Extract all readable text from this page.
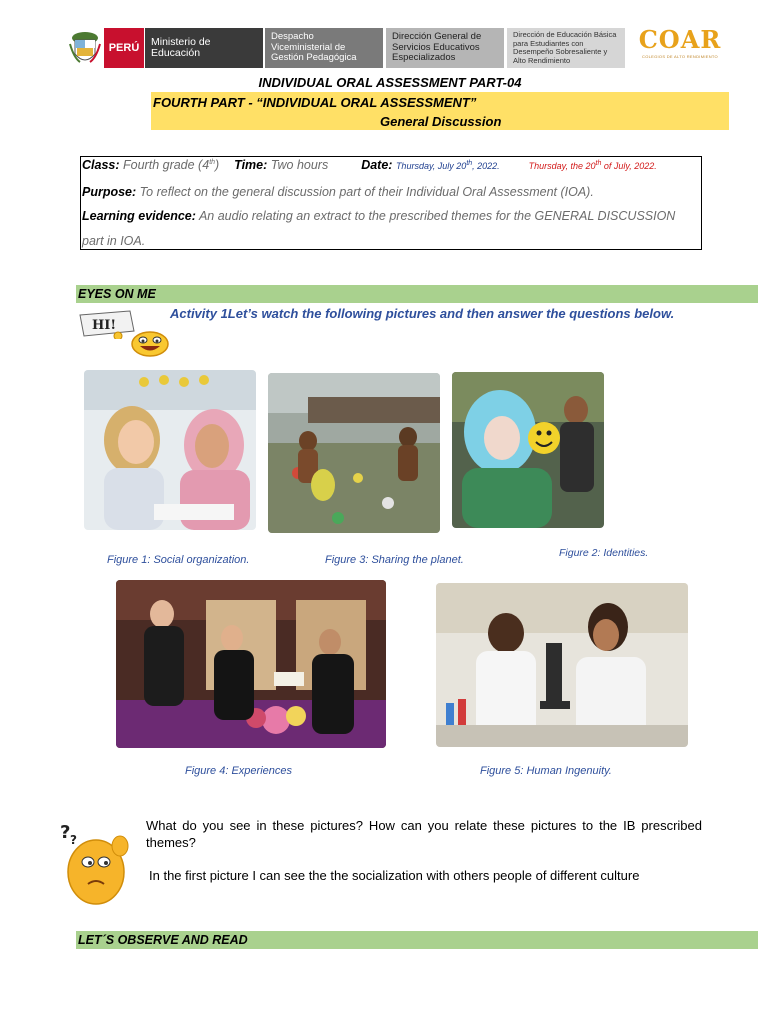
PERÚ	Ministerio de Educación
Despacho Viceministerial de Gestión Pedagógica
Dirección General de Servicios Educativos Especializados
Dirección de Educación Básica para Estudiantes con Desempeño Sobresaliente y Alto Rendimiento
COAR
COLEGIOS DE ALTO RENDIMIENTO
INDIVIDUAL ORAL ASSESSMENT PART-04
FOURTH PART - “INDIVIDUAL ORAL ASSESSMENT”
General Discussion
Class: Fourth grade (4th) Time: Two hours	Date: Thursday, July 20th, 2022.	Thursday, the 20th of July, 2022.
Purpose: To reflect on the general discussion part of their Individual Oral Assessment (IOA).
Learning evidence: An audio relating an extract to the prescribed themes for the GENERAL DISCUSSION
part in IOA.
EYES ON ME
HI!
Activity 1Let’s watch the following pictures and then answer the questions below.
Figure 1: Social organization.	Figure 3: Sharing the planet.
Figure 2: Identities.
Figure 4: Experiences	Figure 5: Human Ingenuity.
? ?
What do you see in these pictures? How can you relate these pictures to the IB prescribed themes?
In the first picture I can see the the socialization with others people of different culture
LET´S OBSERVE AND READ
